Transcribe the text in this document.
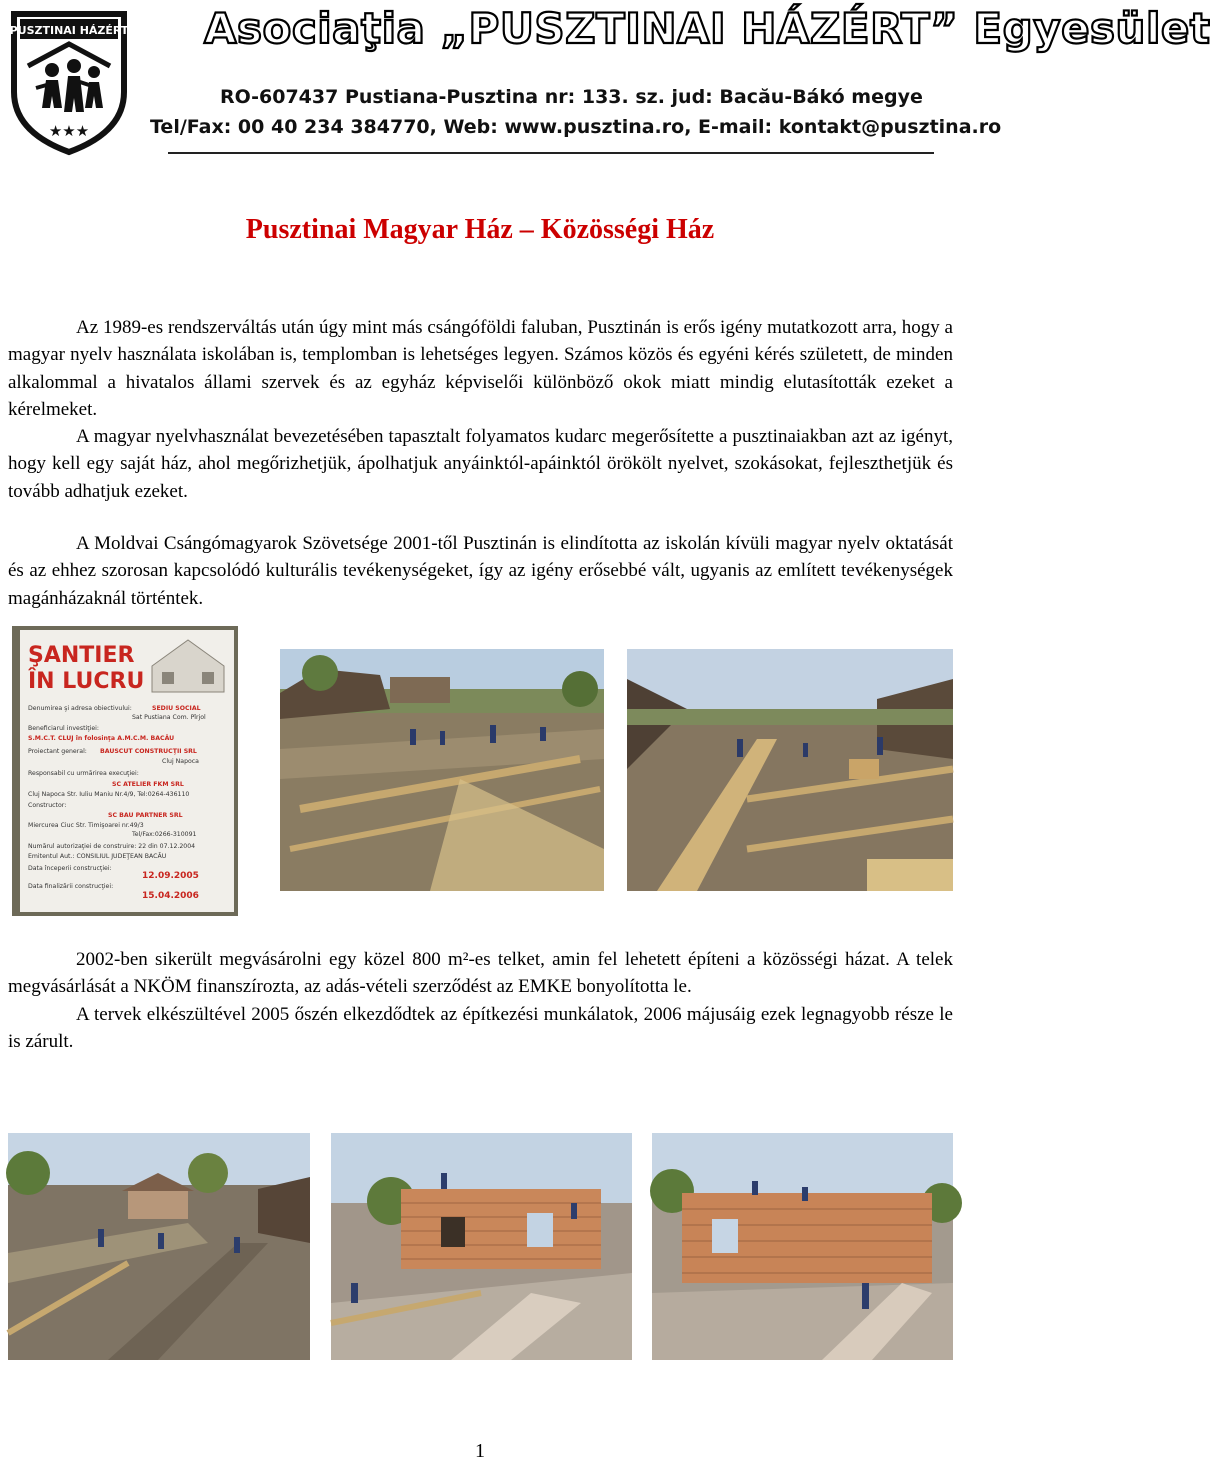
PUSZTINAI HÁZÉRT
★★★
Asociaţia „PUSZTINAI HÁZÉRT” Egyesület
RO-607437 Pustiana-Pusztina nr: 133. sz. jud: Bacău-Bákó megye
Tel/Fax: 00 40 234 384770, Web: www.pusztina.ro, E-mail: kontakt@pusztina.ro
Pusztinai Magyar Ház – Közösségi Ház

Az 1989-es rendszerváltás után úgy mint más csángóföldi faluban, Pusztinán is erős igény mutatkozott arra, hogy a magyar nyelv használata iskolában is, templomban is lehetséges legyen. Számos közös és egyéni kérés született, de minden alkalommal a hivatalos állami szervek és az egyház képviselői különböző okok miatt mindig elutasították ezeket a kérelmeket.

A magyar nyelvhasználat bevezetésében tapasztalt folyamatos kudarc megerősítette a pusztinaiakban azt az igényt, hogy kell egy saját ház, ahol megőrizhetjük, ápolhatjuk anyáinktól-apáinktól örökölt nyelvet, szokásokat, fejleszthetjük és tovább adhatjuk ezeket.

A Moldvai Csángómagyarok Szövetsége 2001-től Pusztinán is elindította az iskolán kívüli magyar nyelv oktatását és az ehhez szorosan kapcsolódó kulturális tevékenységeket, így az igény erősebbé vált, ugyanis az említett tevékenységek magánházaknál történtek.

ŞANTIER
ÎN LUCRU
Denumirea şi adresa obiectivului:	SEDIU SOCIAL
Sat Pustiana Com. Pîrjol
Beneficiarul investiţiei:
S.M.C.T. CLUJ în folosinţa A.M.C.M. BACĂU
Proiectant general: BAUSCUT CONSTRUCŢII SRL
Cluj Napoca
Responsabil cu urmărirea execuţiei:
SC ATELIER FKM SRL
Cluj Napoca Str. Iuliu Maniu Nr.4/9, Tel:0264-436110
Constructor:
SC BAU PARTNER SRL
Miercurea Ciuc Str. Timişoarei nr.49/3
Tel/Fax:0266-310091
Numărul autorizaţiei de construire: 22 din 07.12.2004
Emitentul Aut.: CONSILIUL JUDEŢEAN BACĂU
Data începerii construcţiei:
12.09.2005
Data finalizării construcţiei:
15.04.2006

2002-ben sikerült megvásárolni egy közel 800 m²-es telket, amin fel lehetett építeni a közösségi házat. A telek megvásárlását a NKÖM finanszírozta, az adás-vételi szerződést az EMKE bonyolította le.

A tervek elkészültével 2005 őszén elkezdődtek az építkezési munkálatok, 2006 májusáig ezek legnagyobb része le is zárult.

1
